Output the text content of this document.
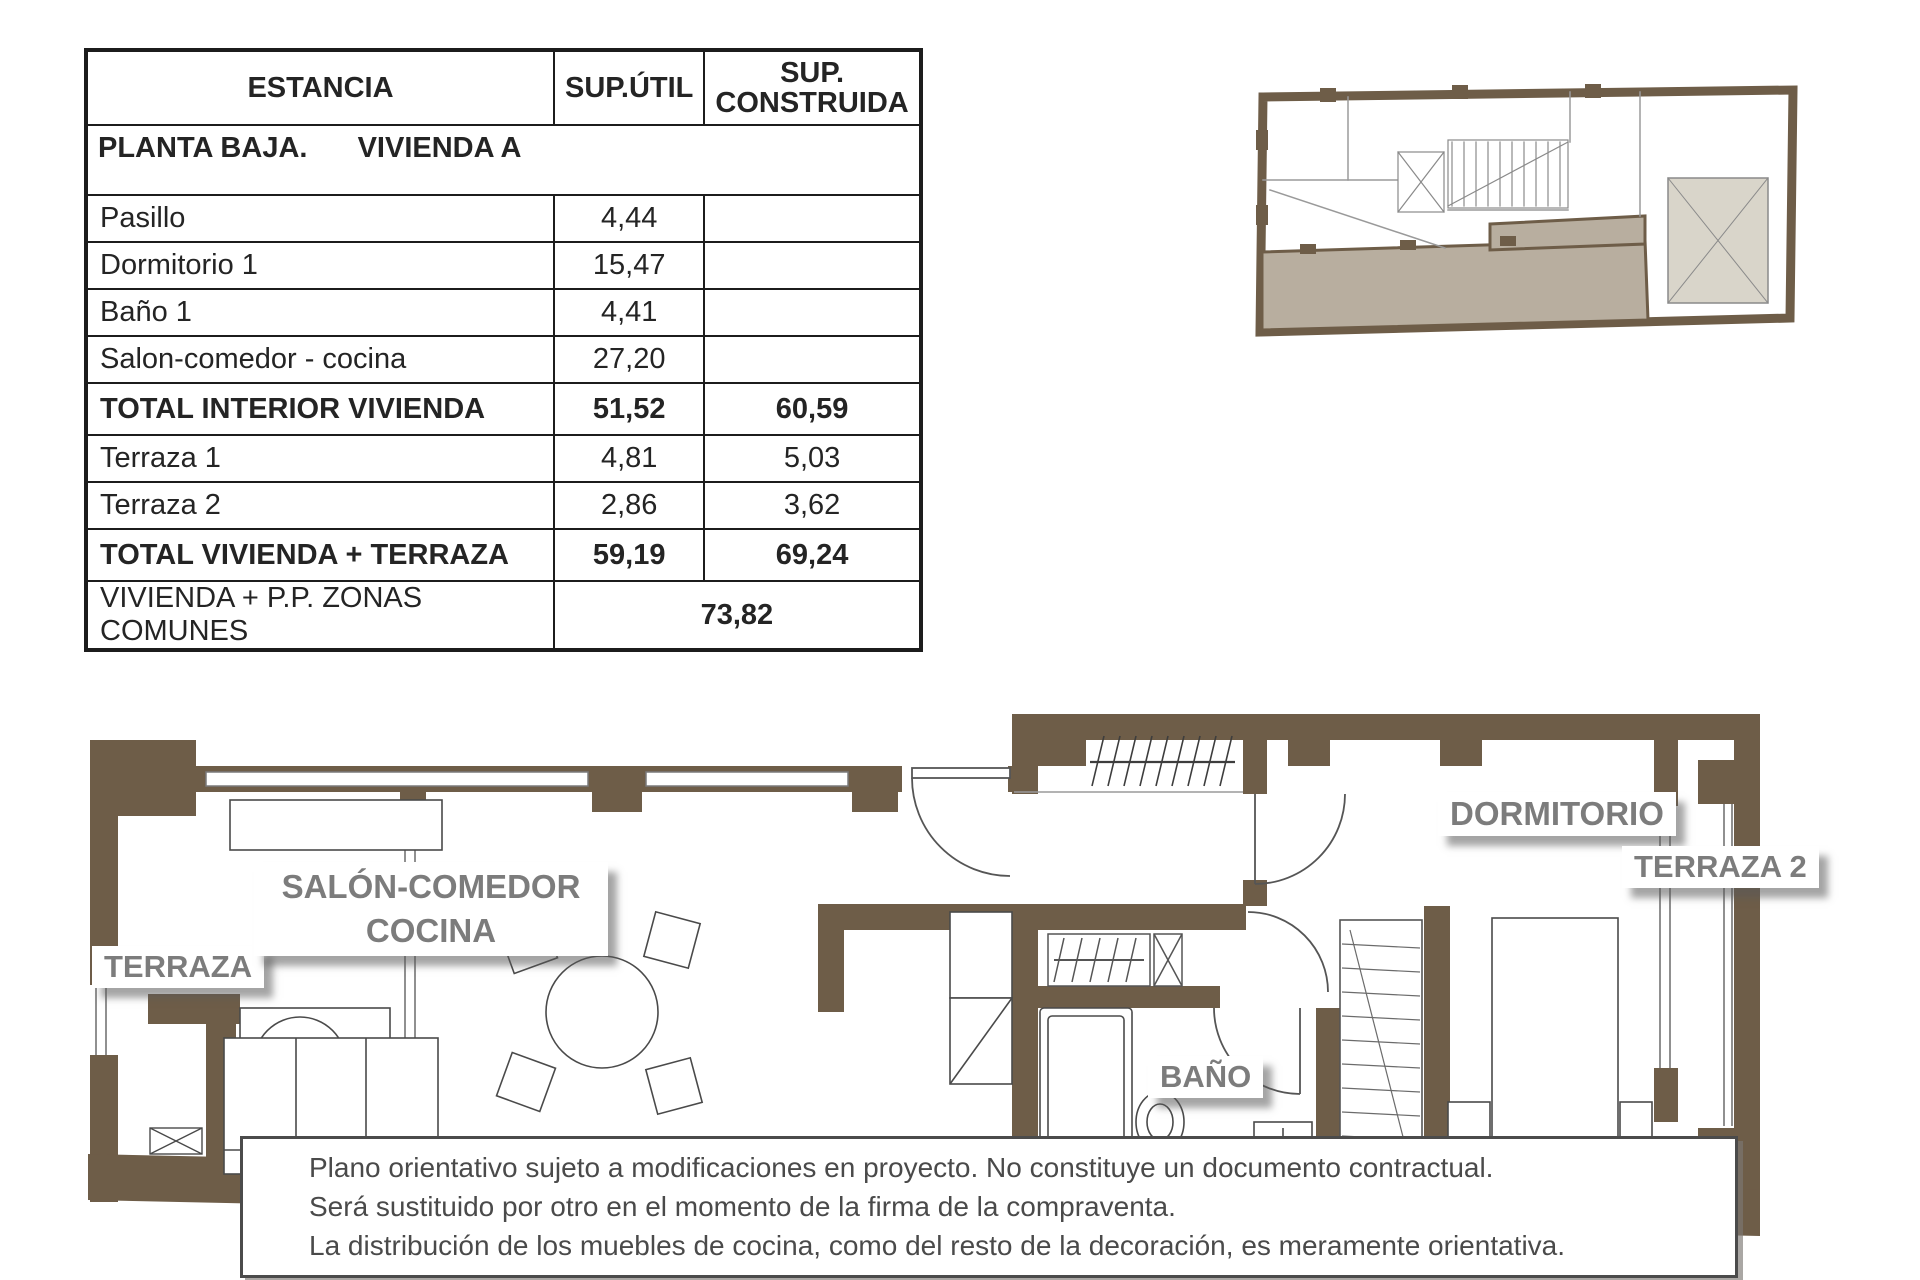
ESTANCIA	SUP.ÚTIL	SUP.
CONSTRUIDA

PLANTA BAJA. VIVIENDA A		
Pasillo	4,44	
Dormitorio 1	15,47	
Baño 1	4,41	
Salon-comedor - cocina	27,20	
TOTAL INTERIOR VIVIENDA	51,52	60,59
Terraza 1	4,81	5,03
Terraza 2	2,86	3,62
TOTAL VIVIENDA + TERRAZA	59,19	69,24
VIVIENDA + P.P. ZONAS COMUNES	73,82	
TERRAZA
SALÓN-COMEDOR
COCINA
BAÑO
DORMITORIO
TERRAZA 2

Plano orientativo sujeto a modificaciones en proyecto. No constituye un documento contractual.

Será sustituido por otro en el momento de la firma de la compraventa.

La distribución de los muebles de cocina, como del resto de la decoración, es meramente orientativa.
